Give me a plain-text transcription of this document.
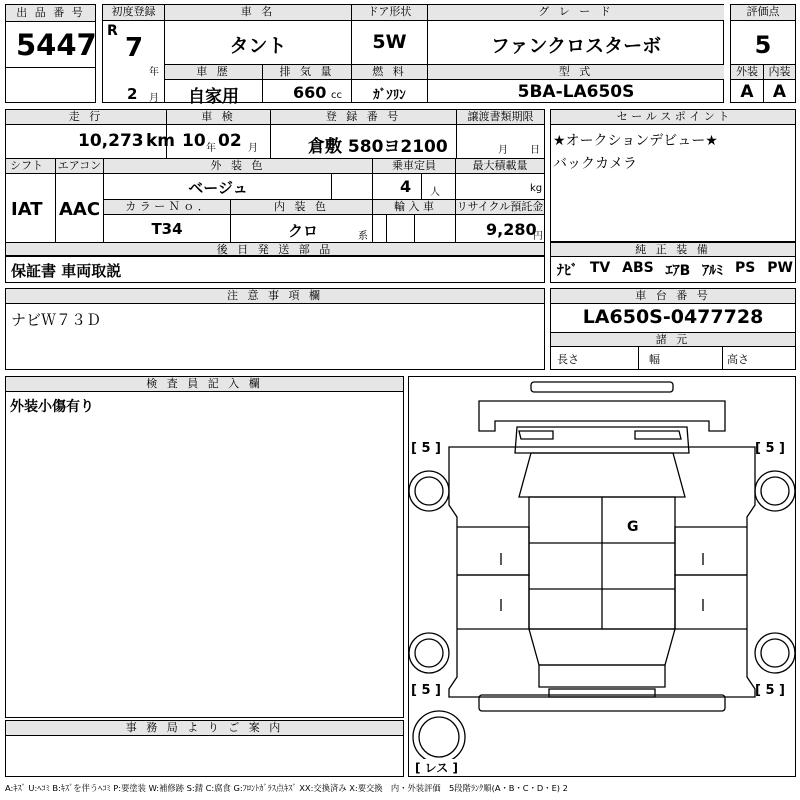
出 品 番 号
5447
初度登録	車 名	ドア形状	グ レ ー ド
R
7
年
2 月
タント	5W	ファンクロスターボ
車 歴	排 気 量	燃 料	型 式
自家用	660 cc	ｶﾞｿﾘﾝ	5BA-LA650S
評価点
5
外装 内装
A	A
走 行	車 検	登 録 番 号	譲渡書類期限
10,273 km 10 年 02 月	倉敷 580ヨ2100	月 日
シフト	エアコン	外 装 色	乗車定員	最大積載量
IAT AAC
ベージュ	4 人	kg
カ ラ ー Ｎ ｏ ．	内 装 色	輸 入 車	リサイクル預託金
T34	クロ	系	9,280
円
後 日 発 送 部 品
保証書 車両取説
セ ー ル ス ポ イ ン ト
★オークションデビュー★
バックカメラ
純 正 装 備
ﾅﾋﾞ TV ABS ｴｱB ｱﾙﾐ PS PW
注 意 事 項 欄
ナビＷ７３Ｄ
車 台 番 号
LA650S-0477728
諸 元
長さ	幅	高さ
検 査 員 記 入 欄
外装小傷有り
事 務 局 よ り ご 案 内
[ 5 ]	[ 5 ]
[ 5 ]	[ 5 ]
G
[ レス ]
A:ｷｽﾞ U:ﾍｺﾐ B:ｷｽﾞを伴うﾍｺﾐ P:要塗装 W:補修跡 S:錆 C:腐食 G:ﾌﾛﾝﾄｶﾞﾗｽ点ｷｽﾞ XX:交換済み X:要交換　内・外装評価　5段階ﾗﾝｸ順(A・B・C・D・E) 2
